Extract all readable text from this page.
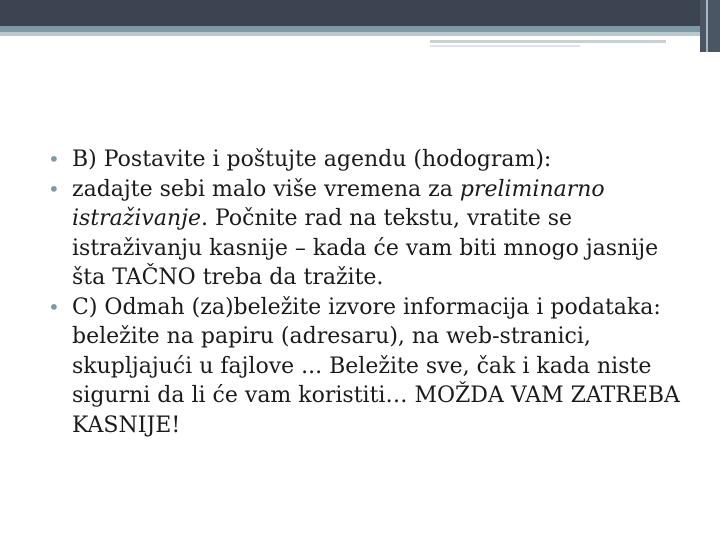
• B) Postavite i poštujte agendu (hodogram):
• zadajte sebi malo više vremena za preliminarno istraživanje. Počnite rad na tekstu, vratite se istraživanju kasnije – kada će vam biti mnogo jasnije šta TAČNO treba da tražite.
• C) Odmah (za)beležite izvore informacija i podataka: beležite na papiru (adresaru), na web-stranici, skupljajući u fajlove ... Beležite sve, čak i kada niste sigurni da li će vam koristiti… MOŽDA VAM ZATREBA KASNIJE!
